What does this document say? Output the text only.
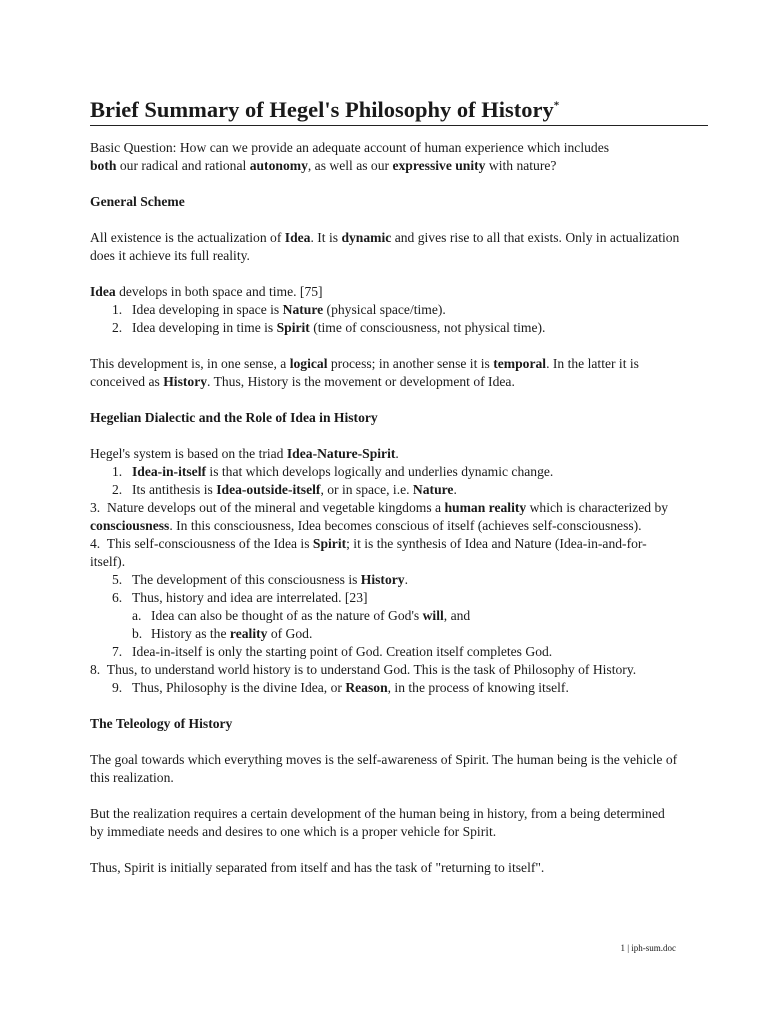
Brief Summary of Hegel's Philosophy of History*

Basic Question: How can we provide an adequate account of human experience which includes
both our radical and rational autonomy, as well as our expressive unity with nature?

General Scheme

All existence is the actualization of Idea. It is dynamic and gives rise to all that exists. Only in actualization does it achieve its full reality.

Idea develops in both space and time. [75]

1. Idea developing in space is Nature (physical space/time).
2. Idea developing in time is Spirit (time of consciousness, not physical time).

This development is, in one sense, a logical process; in another sense it is temporal. In the latter it is conceived as History. Thus, History is the movement or development of Idea.

Hegelian Dialectic and the Role of Idea in History

Hegel's system is based on the triad Idea-Nature-Spirit.

1. Idea-in-itself is that which develops logically and underlies dynamic change.
2. Its antithesis is Idea-outside-itself, or in space, i.e. Nature.

3. Nature develops out of the mineral and vegetable kingdoms a human reality which is characterized by consciousness. In this consciousness, Idea becomes conscious of itself (achieves self-consciousness).

4. This self-consciousness of the Idea is Spirit; it is the synthesis of Idea and Nature (Idea-in-and-for-itself).

5. The development of this consciousness is History.
6. Thus, history and idea are interrelated. [23]
a. Idea can also be thought of as the nature of God's will, and
b. History as the reality of God.
7. Idea-in-itself is only the starting point of God. Creation itself completes God.

8. Thus, to understand world history is to understand God. This is the task of Philosophy of History.

9. Thus, Philosophy is the divine Idea, or Reason, in the process of knowing itself.

The Teleology of History

The goal towards which everything moves is the self-awareness of Spirit. The human being is the vehicle of this realization.

But the realization requires a certain development of the human being in history, from a being determined by immediate needs and desires to one which is a proper vehicle for Spirit.

Thus, Spirit is initially separated from itself and has the task of "returning to itself".

1 | iph-sum.doc
